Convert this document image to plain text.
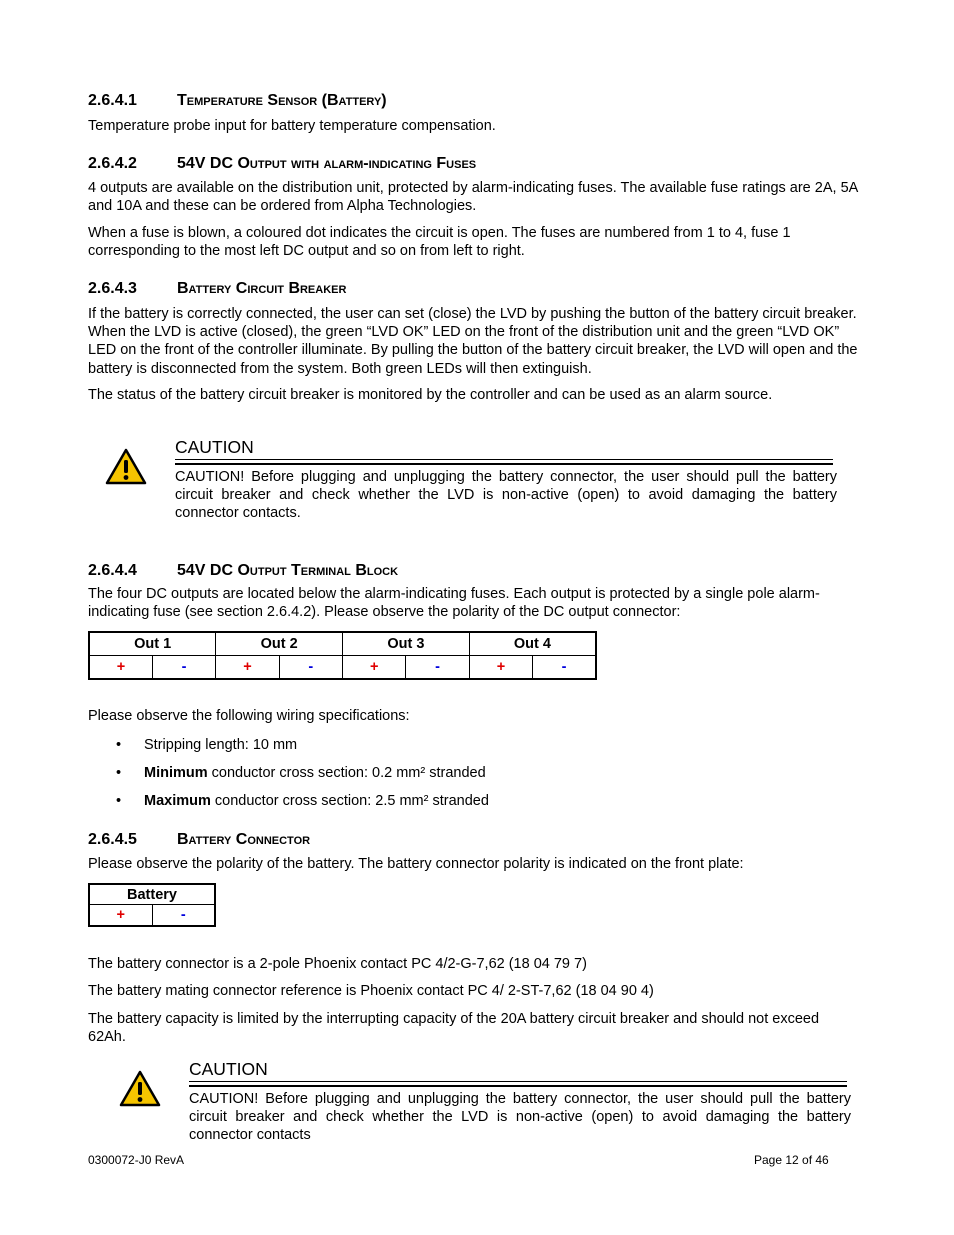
2.6.4.1	Temperature Sensor (Battery)
Temperature probe input for battery temperature compensation.
2.6.4.2	54V DC Output with alarm-indicating Fuses
4 outputs are available on the distribution unit, protected by alarm-indicating fuses. The available fuse ratings are 2A, 5A and 10A and these can be ordered from Alpha Technologies.
When a fuse is blown, a coloured dot indicates the circuit is open. The fuses are numbered from 1 to 4, fuse 1 corresponding to the most left DC output and so on from left to right.
2.6.4.3	Battery Circuit Breaker
If the battery is correctly connected, the user can set (close) the LVD by pushing the button of the battery circuit breaker. When the LVD is active (closed), the green “LVD OK” LED on the front of the distribution unit and the green “LVD OK” LED on the front of the controller illuminate. By pulling the button of the battery circuit breaker, the LVD will open and the battery is disconnected from the system. Both green LEDs will then extinguish.
The status of the battery circuit breaker is monitored by the controller and can be used as an alarm source.
CAUTION
CAUTION! Before plugging and unplugging the battery connector, the user should pull the battery circuit breaker and check whether the LVD is non-active (open) to avoid damaging the battery connector contacts.
2.6.4.4	54V DC Output Terminal Block
The four DC outputs are located below the alarm-indicating fuses. Each output is protected by a single pole alarm-indicating fuse (see section 2.6.4.2). Please observe the polarity of the DC output connector:
Out 1		Out 2		Out 3		Out 4	
+	-	+	-	+	-	+	-
Please observe the following wiring specifications:
• Stripping length: 10 mm
• Minimum conductor cross section: 0.2 mm² stranded
• Maximum conductor cross section: 2.5 mm² stranded
2.6.4.5	Battery Connector
Please observe the polarity of the battery. The battery connector polarity is indicated on the front plate:
Battery
+	-
The battery connector is a 2-pole Phoenix contact PC 4/2-G-7,62 (18 04 79 7)
The battery mating connector reference is Phoenix contact PC 4/ 2-ST-7,62 (18 04 90 4)
The battery capacity is limited by the interrupting capacity of the 20A battery circuit breaker and should not exceed 62Ah.
CAUTION
CAUTION! Before plugging and unplugging the battery connector, the user should pull the battery circuit breaker and check whether the LVD is non-active (open) to avoid damaging the battery connector contacts
0300072-J0 RevA	Page 12 of 46
